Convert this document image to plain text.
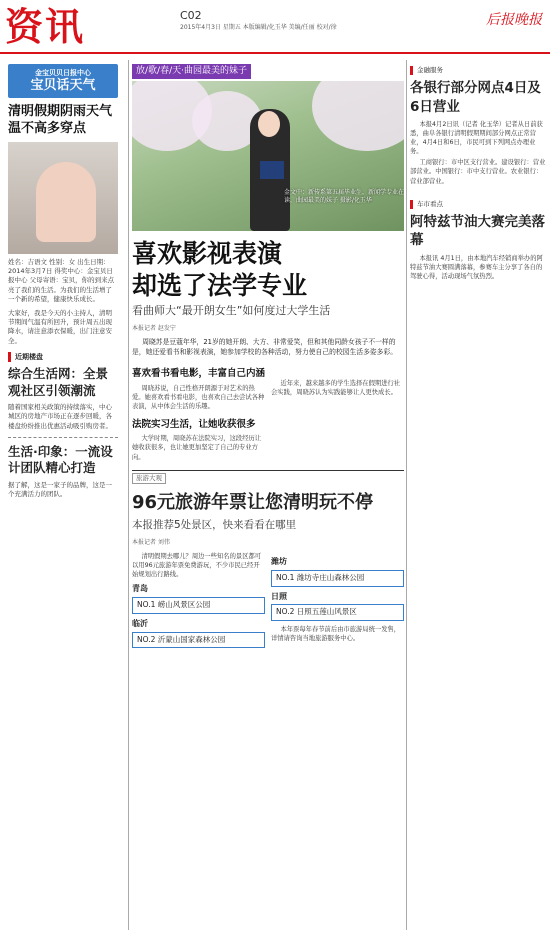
资讯	C02
2015年4月3日 星期五 本版编辑/化玉华 美编/任丽 校对/徐	后报晚报
金宝贝贝日报中心
宝贝话天气
清明假期阴雨天气温不高多穿点
姓名：吉语文 性别：女 出生日期：2014年3月7日 得奖中心：金宝贝日报中心 父母寄语：宝贝，你的到来点亮了我们的生活。为我们的生活增了一个新的希望，健康快乐成长。
大家好，我是今天的小主持人，清明节期间气温有所回升，预计周五出现降水，请注意添衣保暖，出门注意安全。
近期楼盘
综合生活网：全景观社区引领潮流
随着国家相关政策的持续落实，中心城区的房地产市场正在逐步回暖，各楼盘纷纷推出优惠活动吸引购房者。
生活·印象：一流设计团队精心打造
据了解，这是一家子的品牌，这是一个充满活力的团队。
放/歌/春/天·曲园最美的妹子
金文中：新传系第五届毕业生，新闻学专业在读，曲园最美的妹子 摄影/化玉华
喜欢影视表演
却选了法学专业
看曲师大“最开朗女生”如何度过大学生活
本报记者 赵发宁
周晓苏是豆蔻年华，21岁的她开朗、大方、非常爱笑，但和其他同龄女孩子不一样的是，她还爱看书和影视表演，她参加学校的各种活动，努力使自己的校园生活多姿多彩。
喜欢看书看电影，丰富自己内涵
周晓苏说，自己性格开朗源于对艺术的热爱。她喜欢看书看电影，也喜欢自己去尝试各种表演，从中体会生活的乐趣。
法院实习生活，让她收获很多
大学时期，周晓苏在法院实习，这段经历让她收获很多，也让她更加坚定了自己的专业方向。
近年来，越来越多的学生选择在假期进行社会实践，周晓苏认为实践能够让人更快成长。
旅游大观
96元旅游年票让您清明玩不停
本报推荐5处景区，快来看看在哪里
本报记者 刘伟
清明假期去哪儿？周边一些知名的景区都可以用96元旅游年票免费游玩，不少市民已经开始规划出行路线。
青岛
NO.1 崂山风景区公园
临沂
NO.2 沂蒙山国家森林公园
潍坊
NO.1 潍坊寺庄山森林公园
日照
NO.2 日照五莲山风景区
本年票每年春节前后由市旅游局统一发售，详情请咨询当地旅游服务中心。
金融服务
各银行部分网点4日及6日营业
本报4月2日讯（记者 化玉华）记者从日前获悉，曲阜各银行清明假期期间部分网点正常营业，4月4日和6日，市民可到下列网点办理业务。
工商银行：市中区支行营业。建设银行：营业部营业。中国银行：市中支行营业。农业银行：营业部营业。
车市看点
阿特兹节油大赛完美落幕
本报讯 4月1日，由本地汽车经销商举办的阿特兹节油大赛圆满落幕，参赛车主分享了各自的驾驶心得，活动现场气氛热烈。
